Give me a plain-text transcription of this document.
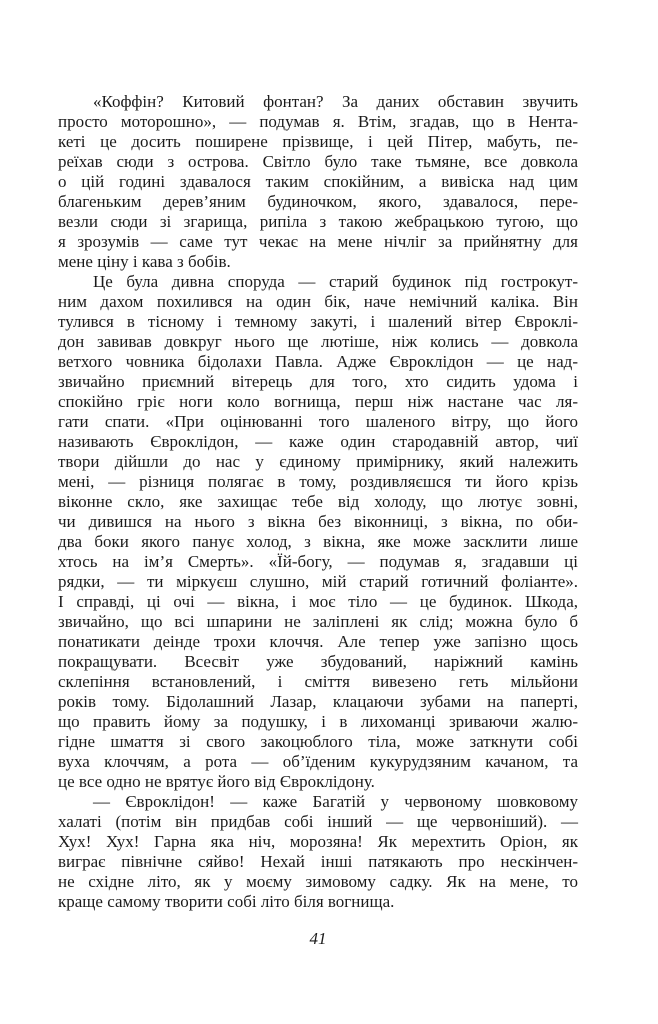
«Коффін? Китовий фонтан? За даних обставин звучить
просто моторошно», — подумав я. Втім, згадав, що в Нента-
кеті це досить поширене прізвище, і цей Пітер, мабуть, пе-
реїхав сюди з острова. Світло було таке тьмяне, все довкола
о цій годині здавалося таким спокійним, а вивіска над цим
благеньким дерев’яним будиночком, якого, здавалося, пере-
везли сюди зі згарища, рипіла з такою жебрацькою тугою, що
я зрозумів — саме тут чекає на мене нічліг за прийнятну для
мене ціну і кава з бобів.
Це була дивна споруда — старий будинок під гострокут-
ним дахом похилився на один бік, наче немічний каліка. Він
тулився в тісному і темному закуті, і шалений вітер Євроклі-
дон завивав довкруг нього ще лютіше, ніж колись — довкола
ветхого човника бідолахи Павла. Адже Євроклідон — це над-
звичайно приємний вітерець для того, хто сидить удома і
спокійно гріє ноги коло вогнища, перш ніж настане час ля-
гати спати. «При оцінюванні того шаленого вітру, що його
називають Євроклідон, — каже один стародавній автор, чиї
твори дійшли до нас у єдиному примірнику, який належить
мені, — різниця полягає в тому, роздивляєшся ти його крізь
віконне скло, яке захищає тебе від холоду, що лютує зовні,
чи дивишся на нього з вікна без віконниці, з вікна, по оби-
два боки якого панує холод, з вікна, яке може засклити лише
хтось на ім’я Смерть». «Їй-богу, — подумав я, згадавши ці
рядки, — ти міркуєш слушно, мій старий готичний фоліанте».
І справді, ці очі — вікна, і моє тіло — це будинок. Шкода,
звичайно, що всі шпарини не заліплені як слід; можна було б
понатикати деінде трохи клоччя. Але тепер уже запізно щось
покращувати. Всесвіт уже збудований, наріжний камінь
склепіння встановлений, і сміття вивезено геть мільйони
років тому. Бідолашний Лазар, клацаючи зубами на паперті,
що править йому за подушку, і в лихоманці зриваючи жалю-
гідне шмаття зі свого закоцюблого тіла, може заткнути собі
вуха клоччям, а рота — об’їденим кукурудзяним качаном, та
це все одно не врятує його від Євроклідону.
— Євроклідон! — каже Багатій у червоному шовковому
халаті (потім він придбав собі інший — ще червоніший). —
Хух! Хух! Гарна яка ніч, морозяна! Як мерехтить Оріон, як
виграє північне сяйво! Нехай інші патякають про нескінчен-
не східне літо, як у моєму зимовому садку. Як на мене, то
краще самому творити собі літо біля вогнища.
41
